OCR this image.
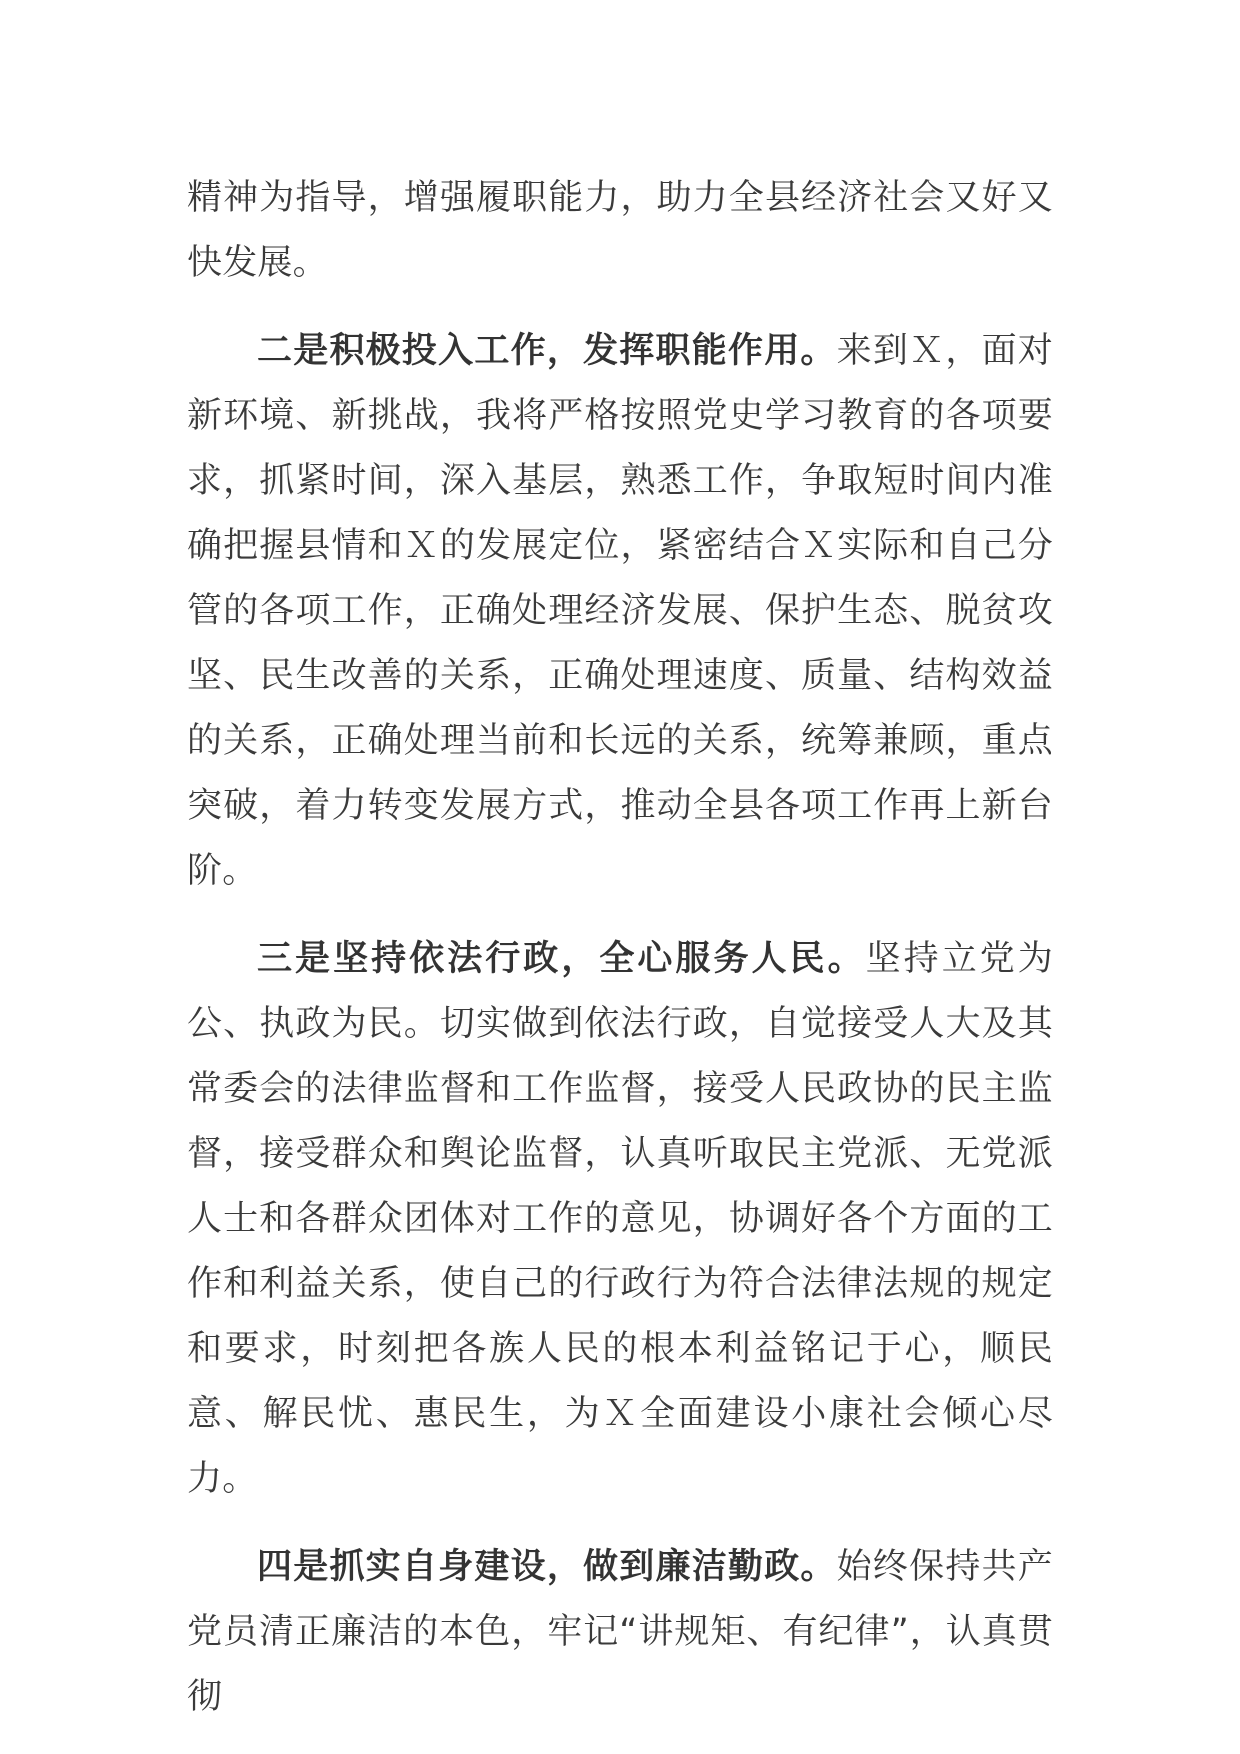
精神为指导，增强履职能力，助力全县经济社会又好又快发展。

二是积极投入工作，发挥职能作用。来到Ｘ，面对新环境、新挑战，我将严格按照党史学习教育的各项要求，抓紧时间，深入基层，熟悉工作，争取短时间内准确把握县情和Ｘ的发展定位，紧密结合Ｘ实际和自己分管的各项工作，正确处理经济发展、保护生态、脱贫攻坚、民生改善的关系，正确处理速度、质量、结构效益的关系，正确处理当前和长远的关系，统筹兼顾，重点突破，着力转变发展方式，推动全县各项工作再上新台阶。

三是坚持依法行政，全心服务人民。坚持立党为公、执政为民。切实做到依法行政，自觉接受人大及其常委会的法律监督和工作监督，接受人民政协的民主监督，接受群众和舆论监督，认真听取民主党派、无党派人士和各群众团体对工作的意见，协调好各个方面的工作和利益关系，使自己的行政行为符合法律法规的规定和要求，时刻把各族人民的根本利益铭记于心，顺民意、解民忧、惠民生，为Ｘ全面建设小康社会倾心尽力。

四是抓实自身建设，做到廉洁勤政。始终保持共产党员清正廉洁的本色，牢记“讲规矩、有纪律”，认真贯彻
